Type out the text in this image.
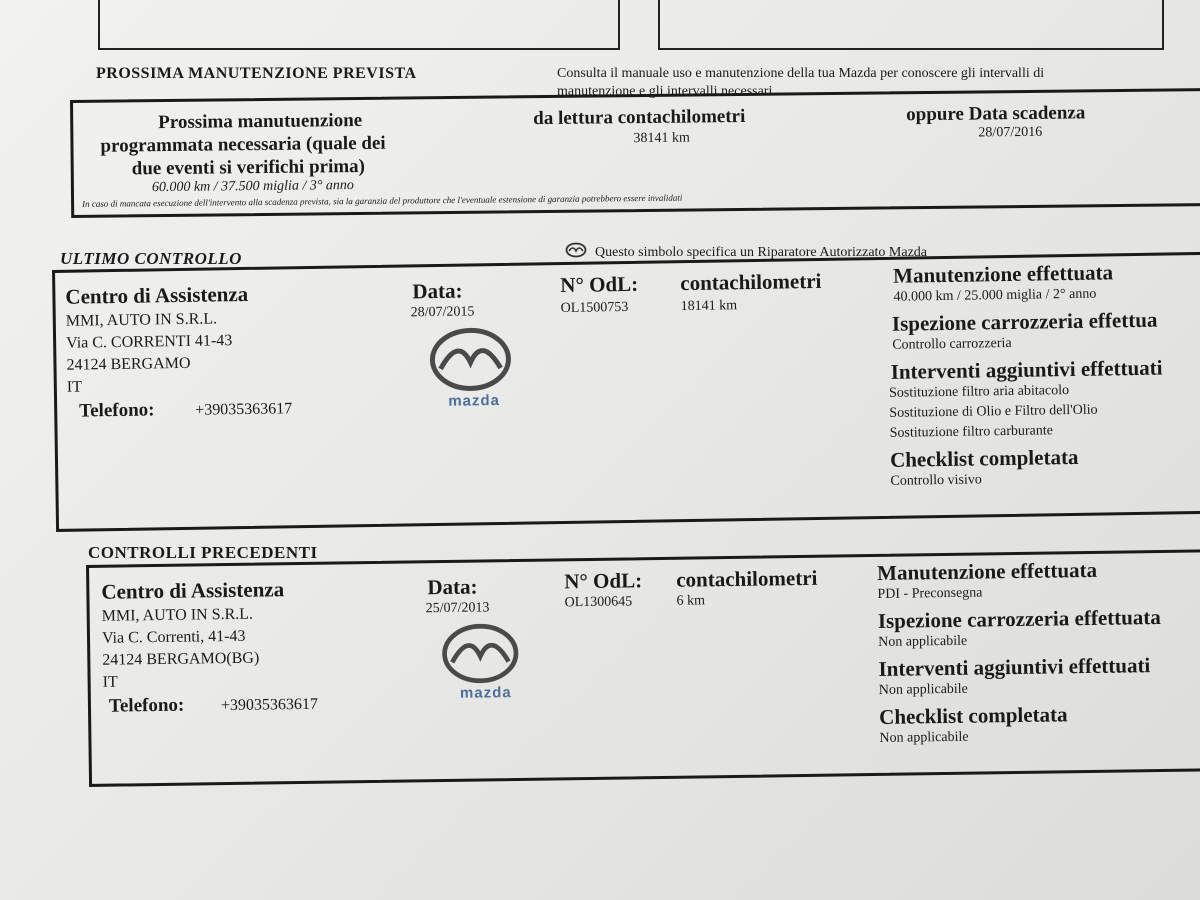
PROSSIMA MANUTENZIONE PREVISTA	Consulta il manuale uso e manutenzione della tua Mazda per conoscere gli intervalli di
manutenzione e gli intervalli necessari.
Prossima manutuenzione
programmata necessaria (quale dei
due eventi si verifichi prima)
60.000 km / 37.500 miglia / 3° anno
da lettura contachilometri
38141 km
oppure Data scadenza
28/07/2016
In caso di mancata esecuzione dell'intervento alla scadenza prevista, sia la garanzia del produttore che l'eventuale estensione di garanzia potrebbero essere invalidati
ULTIMO CONTROLLO	Questo simbolo specifica un Riparatore Autorizzato Mazda
Centro di Assistenza
MMI, AUTO IN S.R.L.
Via C. CORRENTI 41-43
24124 BERGAMO
IT
Telefono:	+39035363617
Data:
28/07/2015
mazda
N° OdL:
OL1500753
contachilometri
18141 km
Manutenzione effettuata
40.000 km / 25.000 miglia / 2° anno
Ispezione carrozzeria effettua
Controllo carrozzeria
Interventi aggiuntivi effettuati
Sostituzione filtro aria abitacolo
Sostituzione di Olio e Filtro dell'Olio
Sostituzione filtro carburante
Checklist completata
Controllo visivo
CONTROLLI PRECEDENTI
Centro di Assistenza
MMI, AUTO IN S.R.L.
Via C. Correnti, 41-43
24124 BERGAMO(BG)
IT
Telefono: +39035363617
Data:
25/07/2013
mazda
N° OdL:
OL1300645
contachilometri
6 km
Manutenzione effettuata
PDI - Preconsegna
Ispezione carrozzeria effettuata
Non applicabile
Interventi aggiuntivi effettuati
Non applicabile
Checklist completata
Non applicabile
